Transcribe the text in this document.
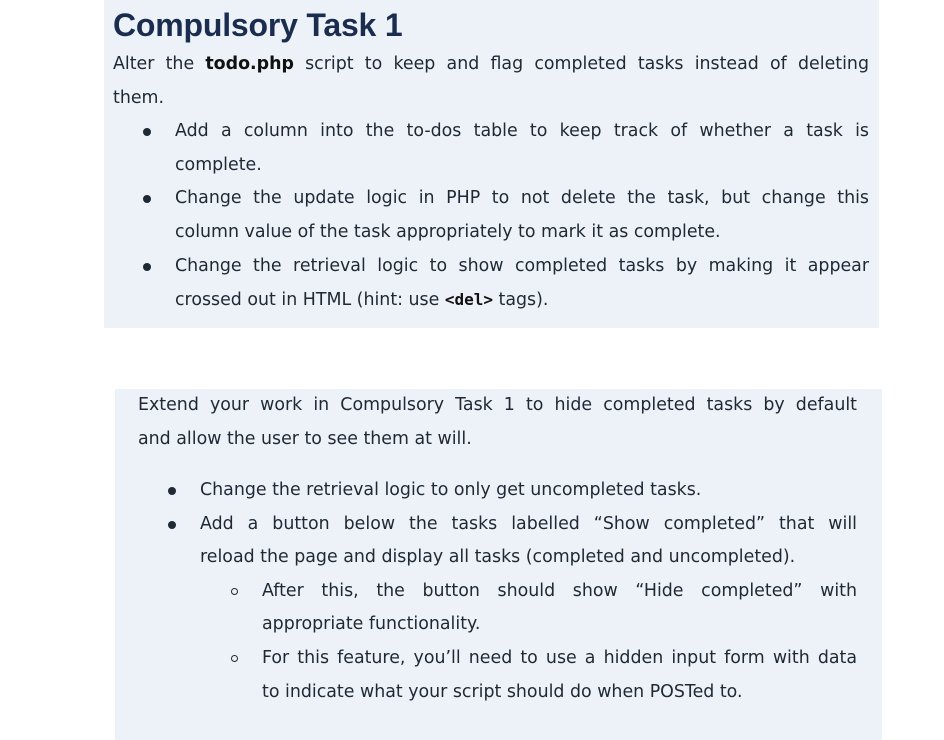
Compulsory Task 1

Alter the todo.php script to keep and flag completed tasks instead of deleting
them.

Add a column into the to-dos table to keep track of whether a task is
complete.
Change the update logic in PHP to not delete the task, but change this
column value of the task appropriately to mark it as complete.
Change the retrieval logic to show completed tasks by making it appear
crossed out in HTML (hint: use <del> tags).

Extend your work in Compulsory Task 1 to hide completed tasks by default
and allow the user to see them at will.

Change the retrieval logic to only get uncompleted tasks.
Add a button below the tasks labelled “Show completed” that will
reload the page and display all tasks (completed and uncompleted).
After this, the button should show “Hide completed” with
appropriate functionality.
For this feature, you’ll need to use a hidden input form with data
to indicate what your script should do when POSTed to.
